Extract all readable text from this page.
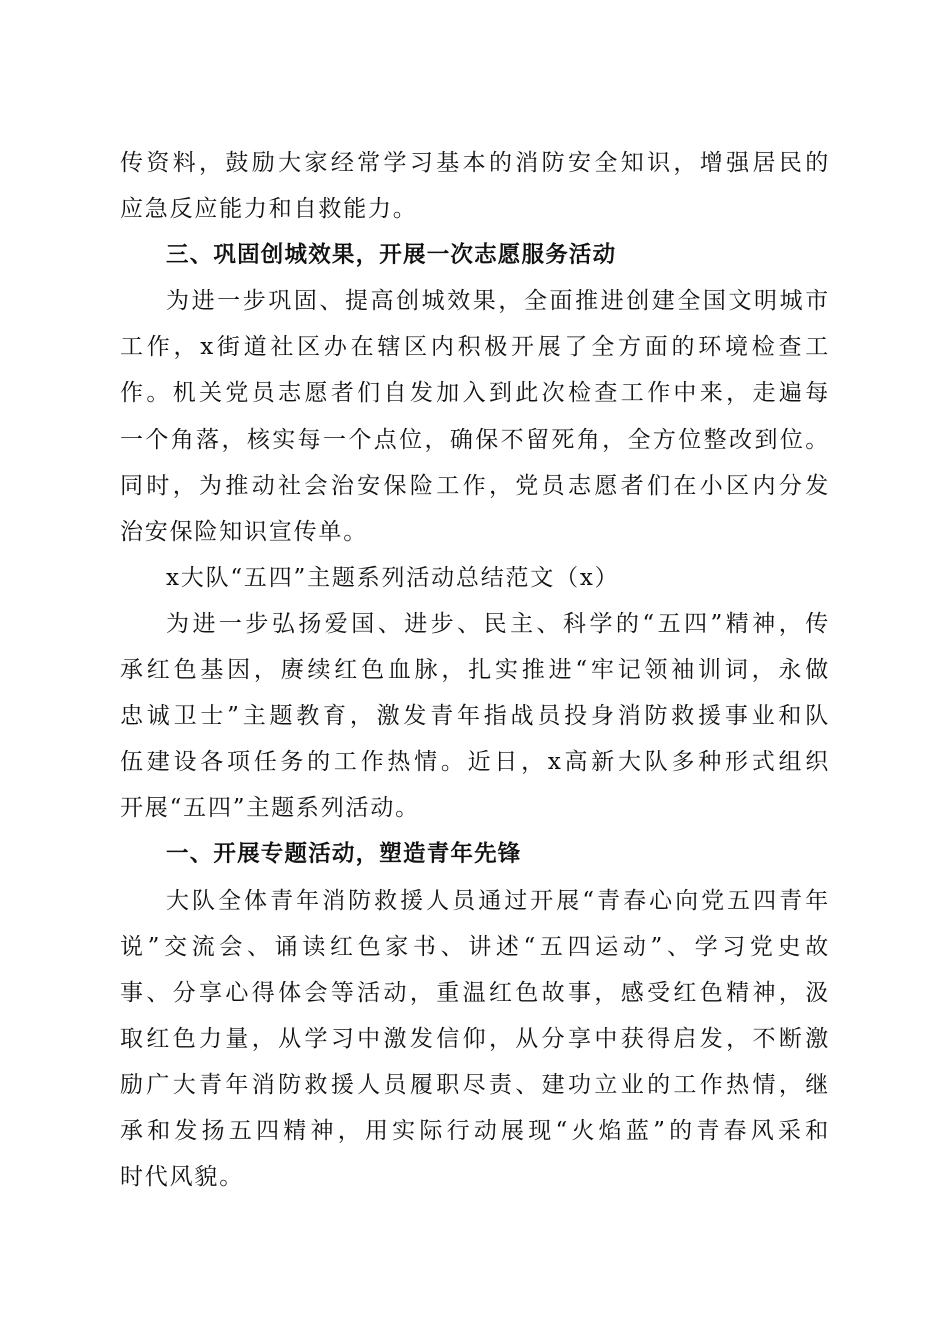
传资料，鼓励大家经常学习基本的消防安全知识，增强居民的
应急反应能力和自救能力。
三、巩固创城效果，开展一次志愿服务活动
为进一步巩固、提高创城效果，全面推进创建全国文明城市
工作，x街道社区办在辖区内积极开展了全方面的环境检查工
作。机关党员志愿者们自发加入到此次检查工作中来，走遍每
一个角落，核实每一个点位，确保不留死角，全方位整改到位。
同时，为推动社会治安保险工作，党员志愿者们在小区内分发
治安保险知识宣传单。
x大队“五四”主题系列活动总结范文（x）
为进一步弘扬爱国、进步、民主、科学的“五四”精神，传
承红色基因，赓续红色血脉，扎实推进“牢记领袖训词，永做
忠诚卫士”主题教育，激发青年指战员投身消防救援事业和队
伍建设各项任务的工作热情。近日，x高新大队多种形式组织
开展“五四”主题系列活动。
一、开展专题活动，塑造青年先锋
大队全体青年消防救援人员通过开展“青春心向党五四青年
说”交流会、诵读红色家书、讲述“五四运动”、学习党史故
事、分享心得体会等活动，重温红色故事，感受红色精神，汲
取红色力量，从学习中激发信仰，从分享中获得启发，不断激
励广大青年消防救援人员履职尽责、建功立业的工作热情，继
承和发扬五四精神，用实际行动展现“火焰蓝”的青春风采和
时代风貌。
